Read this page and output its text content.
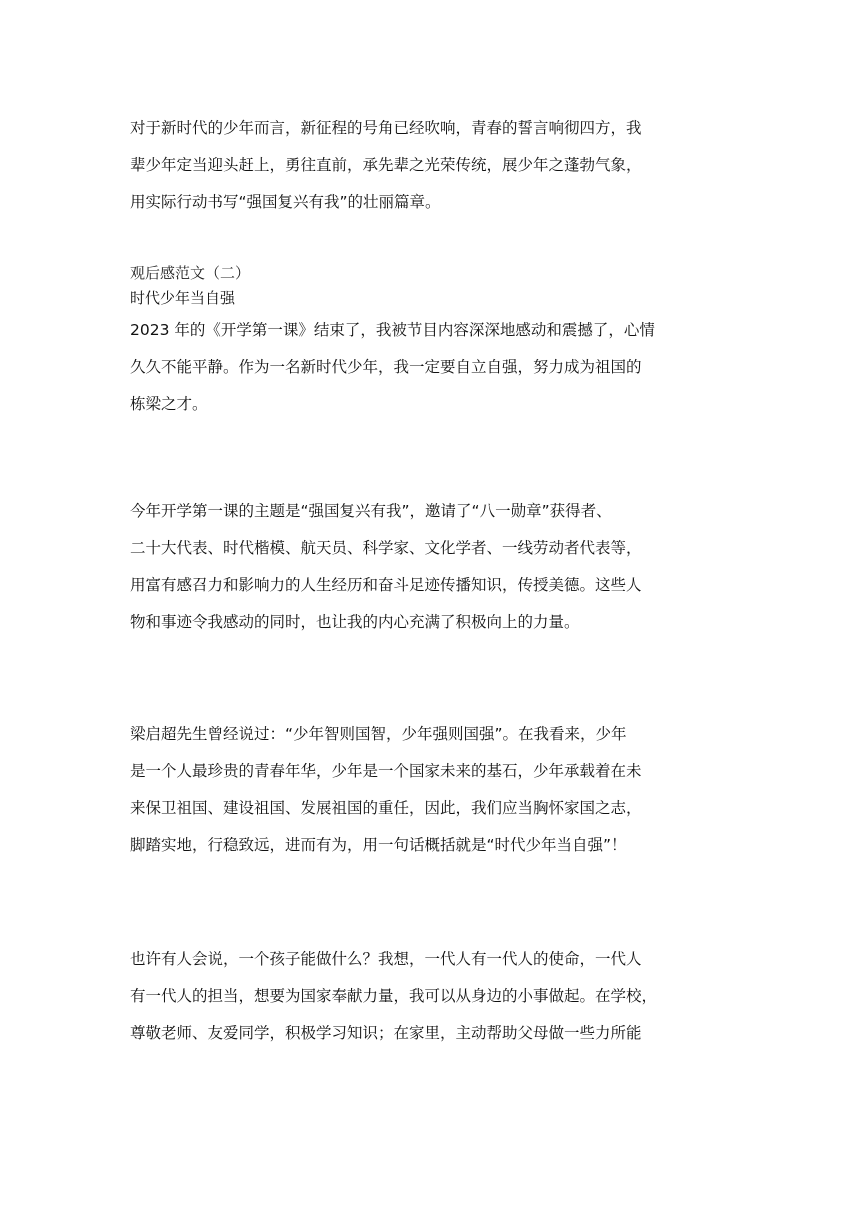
对于新时代的少年而言，新征程的号角已经吹响，青春的誓言响彻四方，我
辈少年定当迎头赶上，勇往直前，承先辈之光荣传统，展少年之蓬勃气象，
用实际行动书写“强国复兴有我”的壮丽篇章。
观后感范文（二）
时代少年当自强
2023 年的《开学第一课》结束了，我被节目内容深深地感动和震撼了，心情
久久不能平静。作为一名新时代少年，我一定要自立自强，努力成为祖国的
栋梁之才。
今年开学第一课的主题是“强国复兴有我”，邀请了“八一勋章”获得者、
二十大代表、时代楷模、航天员、科学家、文化学者、一线劳动者代表等，
用富有感召力和影响力的人生经历和奋斗足迹传播知识，传授美德。这些人
物和事迹令我感动的同时，也让我的内心充满了积极向上的力量。
梁启超先生曾经说过：“少年智则国智，少年强则国强”。在我看来，少年
是一个人最珍贵的青春年华，少年是一个国家未来的基石，少年承载着在未
来保卫祖国、建设祖国、发展祖国的重任，因此，我们应当胸怀家国之志，
脚踏实地，行稳致远，进而有为，用一句话概括就是“时代少年当自强”！
也许有人会说，一个孩子能做什么？我想，一代人有一代人的使命，一代人
有一代人的担当，想要为国家奉献力量，我可以从身边的小事做起。在学校，
尊敬老师、友爱同学，积极学习知识；在家里，主动帮助父母做一些力所能
